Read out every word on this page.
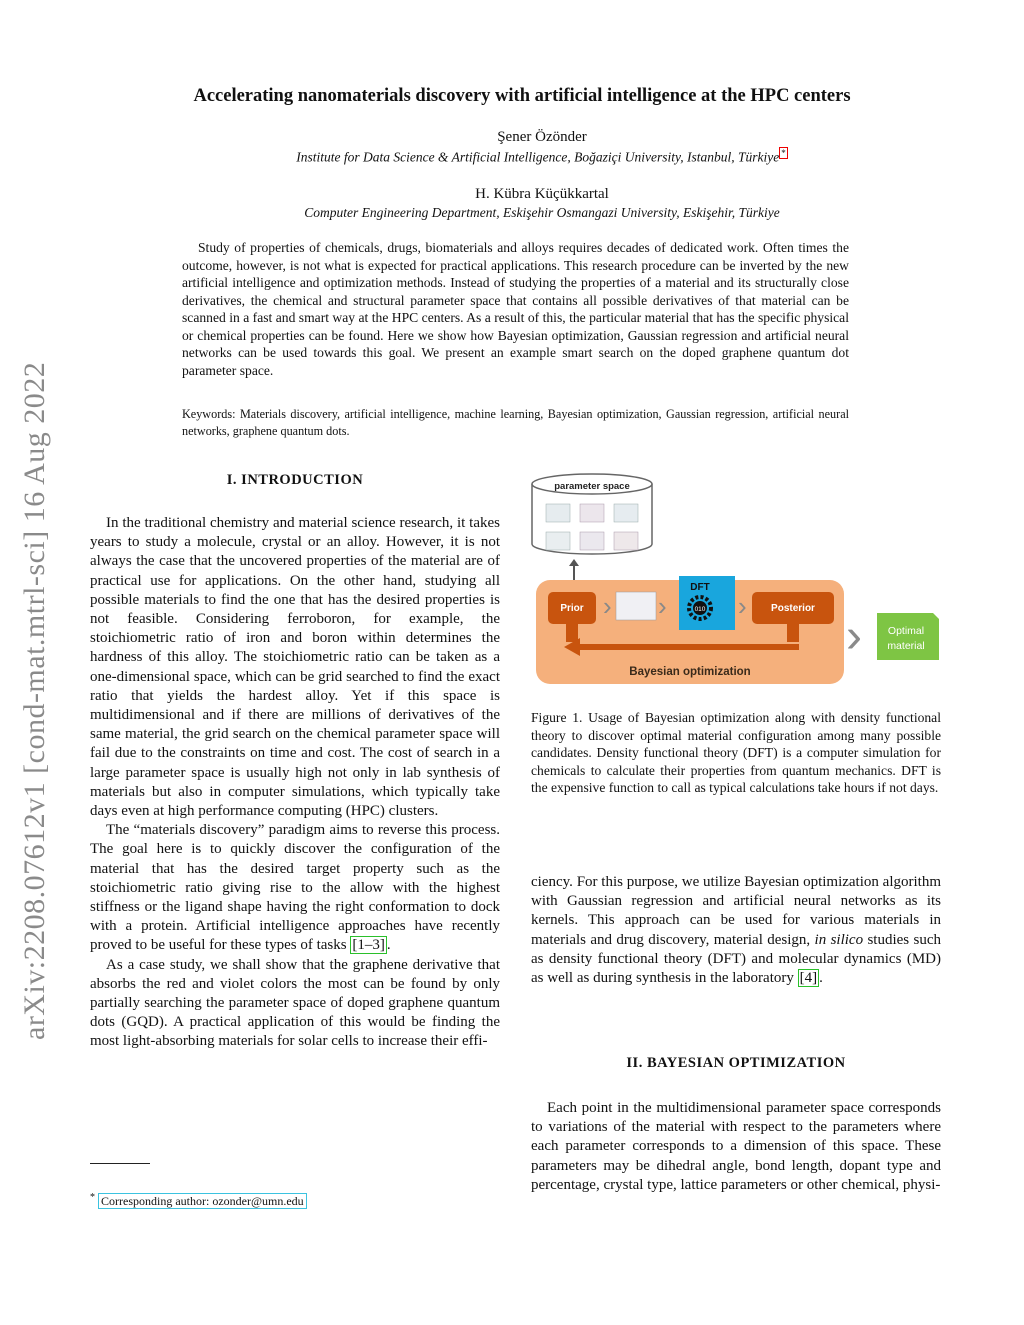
arXiv:2208.07612v1 [cond-mat.mtrl-sci] 16 Aug 2022
Accelerating nanomaterials discovery with artificial intelligence at the HPC centers
Şener Özönder
Institute for Data Science & Artificial Intelligence, Boğaziçi University, Istanbul, Türkiye *
H. Kübra Küçükkartal
Computer Engineering Department, Eskişehir Osmangazi University, Eskişehir, Türkiye
Study of properties of chemicals, drugs, biomaterials and alloys requires decades of dedicated work. Often times the outcome, however, is not what is expected for practical applications. This research procedure can be inverted by the new artificial intelligence and optimization methods. Instead of studying the properties of a material and its structurally close derivatives, the chemical and structural parameter space that contains all possible derivatives of that material can be scanned in a fast and smart way at the HPC centers. As a result of this, the particular material that has the specific physical or chemical properties can be found. Here we show how Bayesian optimization, Gaussian regression and artificial neural networks can be used towards this goal. We present an example smart search on the doped graphene quantum dot parameter space.
Keywords: Materials discovery, artificial intelligence, machine learning, Bayesian optimization, Gaussian regression, artificial neural networks, graphene quantum dots.
I. INTRODUCTION

In the traditional chemistry and material science research, it takes years to study a molecule, crystal or an alloy. However, it is not always the case that the uncovered properties of the material are of practical use for applications. On the other hand, studying all possible materials to find the one that has the desired properties is not feasible. Considering ferroboron, for example, the stoichiometric ratio of iron and boron within determines the hardness of this alloy. The stoichiometric ratio can be taken as a one-dimensional space, which can be grid searched to find the exact ratio that yields the hardest alloy. Yet if this space is multidimensional and if there are millions of derivatives of the same material, the grid search on the chemical parameter space will fail due to the constraints on time and cost. The cost of search in a large parameter space is usually high not only in lab synthesis of materials but also in computer simulations, which typically take days even at high performance computing (HPC) clusters.

The “materials discovery” paradigm aims to reverse this process. The goal here is to quickly discover the configuration of the material that has the desired target property such as the stoichiometric ratio giving rise to the allow with the highest stiffness or the ligand shape having the right conformation to dock with a protein. Artificial intelligence approaches have recently proved to be useful for these types of tasks [1–3] .

As a case study, we shall show that the graphene derivative that absorbs the red and violet colors the most can be found by only partially searching the parameter space of doped graphene quantum dots (GQD). A practical application of this would be finding the most light-absorbing materials for solar cells to increase their effi-

* Corresponding author: ozonder@umn.edu
parameter space
Prior › ›
DFT
010 › Posterior
Bayesian optimization
› Optimal
material
Figure 1. Usage of Bayesian optimization along with density functional theory to discover optimal material configuration among many possible candidates. Density functional theory (DFT) is a computer simulation for chemicals to calculate their properties from quantum mechanics. DFT is the expensive function to call as typical calculations take hours if not days.

ciency. For this purpose, we utilize Bayesian optimization algorithm with Gaussian regression and artificial neural networks as its kernels. This approach can be used for various materials in materials and drug discovery, material design, in silico studies such as density functional theory (DFT) and molecular dynamics (MD) as well as during synthesis in the laboratory [4] .

II. BAYESIAN OPTIMIZATION

Each point in the multidimensional parameter space corresponds to variations of the material with respect to the parameters where each parameter corresponds to a dimension of this space. These parameters may be dihedral angle, bond length, dopant type and percentage, crystal type, lattice parameters or other chemical, physi-
